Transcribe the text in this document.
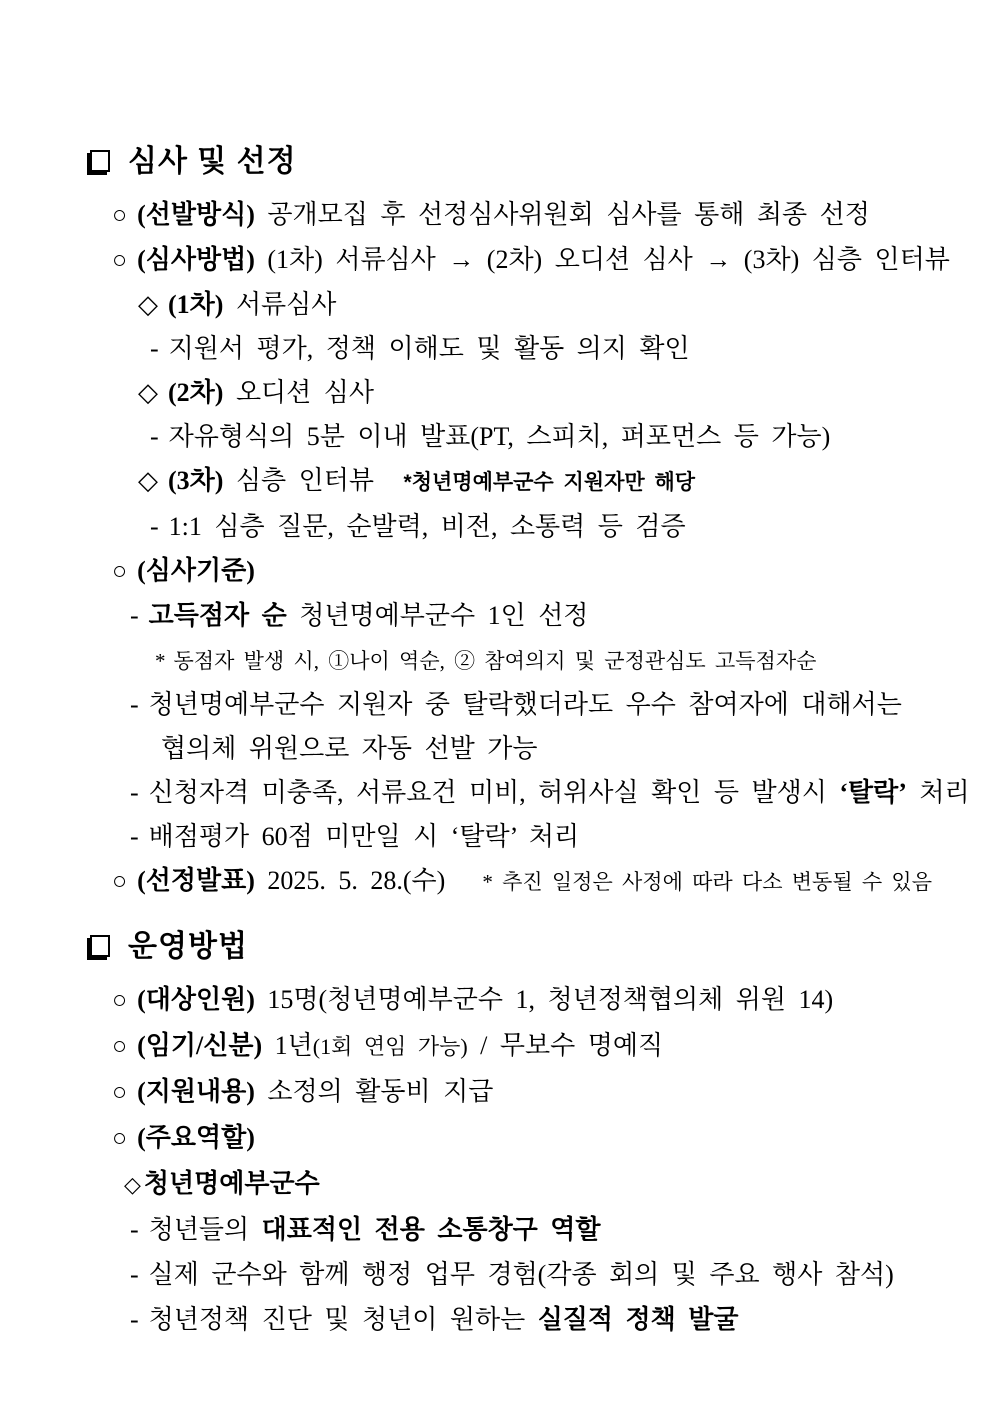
심사 및 선정
○ (선발방식) 공개모집 후 선정심사위원회 심사를 통해 최종 선정
○ (심사방법) (1차) 서류심사 → (2차) 오디션 심사 → (3차) 심층 인터뷰
◇ (1차) 서류심사
- 지원서 평가, 정책 이해도 및 활동 의지 확인
◇ (2차) 오디션 심사
- 자유형식의 5분 이내 발표(PT, 스피치, 퍼포먼스 등 가능)
◇ (3차) 심층 인터뷰   *청년명예부군수 지원자만 해당
- 1:1 심층 질문, 순발력, 비전, 소통력 등 검증
○ (심사기준)
- 고득점자 순 청년명예부군수 1인 선정
* 동점자 발생 시, ①나이 역순, ② 참여의지 및 군정관심도 고득점자순
- 청년명예부군수 지원자 중 탈락했더라도 우수 참여자에 대해서는
협의체 위원으로 자동 선발 가능
- 신청자격 미충족, 서류요건 미비, 허위사실 확인 등 발생시 ‘탈락’ 처리
- 배점평가 60점 미만일 시 ‘탈락’ 처리
○ (선정발표) 2025. 5. 28.(수)    * 추진 일정은 사정에 따라 다소 변동될 수 있음
운영방법
○ (대상인원) 15명(청년명예부군수 1, 청년정책협의체 위원 14)
○ (임기/신분) 1년(1회 연임 가능) / 무보수 명예직
○ (지원내용) 소정의 활동비 지급
○ (주요역할)
◇ 청년명예부군수
- 청년들의 대표적인 전용 소통창구 역할
- 실제 군수와 함께 행정 업무 경험(각종 회의 및 주요 행사 참석)
- 청년정책 진단 및 청년이 원하는 실질적 정책 발굴
